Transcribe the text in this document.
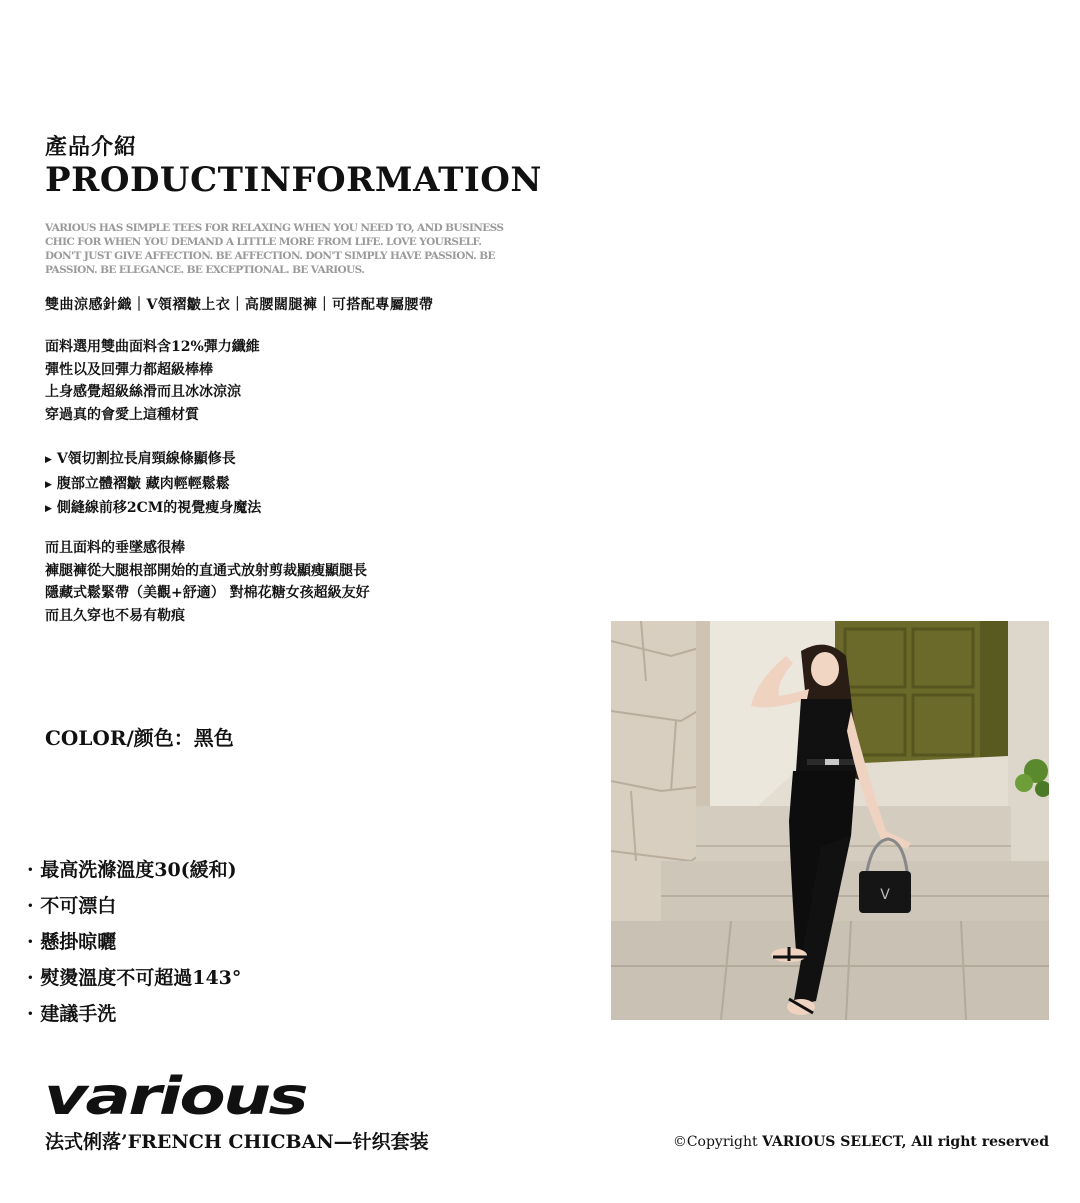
產品介紹
PRODUCTINFORMATION
VARIOUS HAS SIMPLE TEES FOR RELAXING WHEN YOU NEED TO, AND BUSINESS CHIC FOR WHEN YOU DEMAND A LITTLE MORE FROM LIFE. LOVE YOURSELF. DON'T JUST GIVE AFFECTION. BE AFFECTION. DON'T SIMPLY HAVE PASSION. BE PASSION. BE ELEGANCE. BE EXCEPTIONAL. BE VARIOUS.
雙曲涼感針織｜V領褶皺上衣｜高腰闊腿褲｜可搭配專屬腰帶
面料選用雙曲面料含12%彈力纖維
彈性以及回彈力都超級棒棒
上身感覺超級絲滑而且冰冰涼涼
穿過真的會愛上這種材質
▶ V領切割拉長肩頸線條顯修長
▶ 腹部立體褶皺 藏肉輕輕鬆鬆
▶ 側縫線前移2CM的視覺瘦身魔法
而且面料的垂墜感很棒
褲腿褲從大腿根部開始的直通式放射剪裁顯瘦顯腿長
隱藏式鬆緊帶（美觀+舒適） 對棉花糖女孩超級友好
而且久穿也不易有勒痕
COLOR/颜色：黑色
· 最高洗滌溫度30(緩和)
· 不可漂白
· 懸掛晾曬
· 熨燙溫度不可超過143°
· 建議手洗
V
various
法式俐落’FRENCH CHICBAN—针织套装	©Copyright VARIOUS SELECT, All right reserved
